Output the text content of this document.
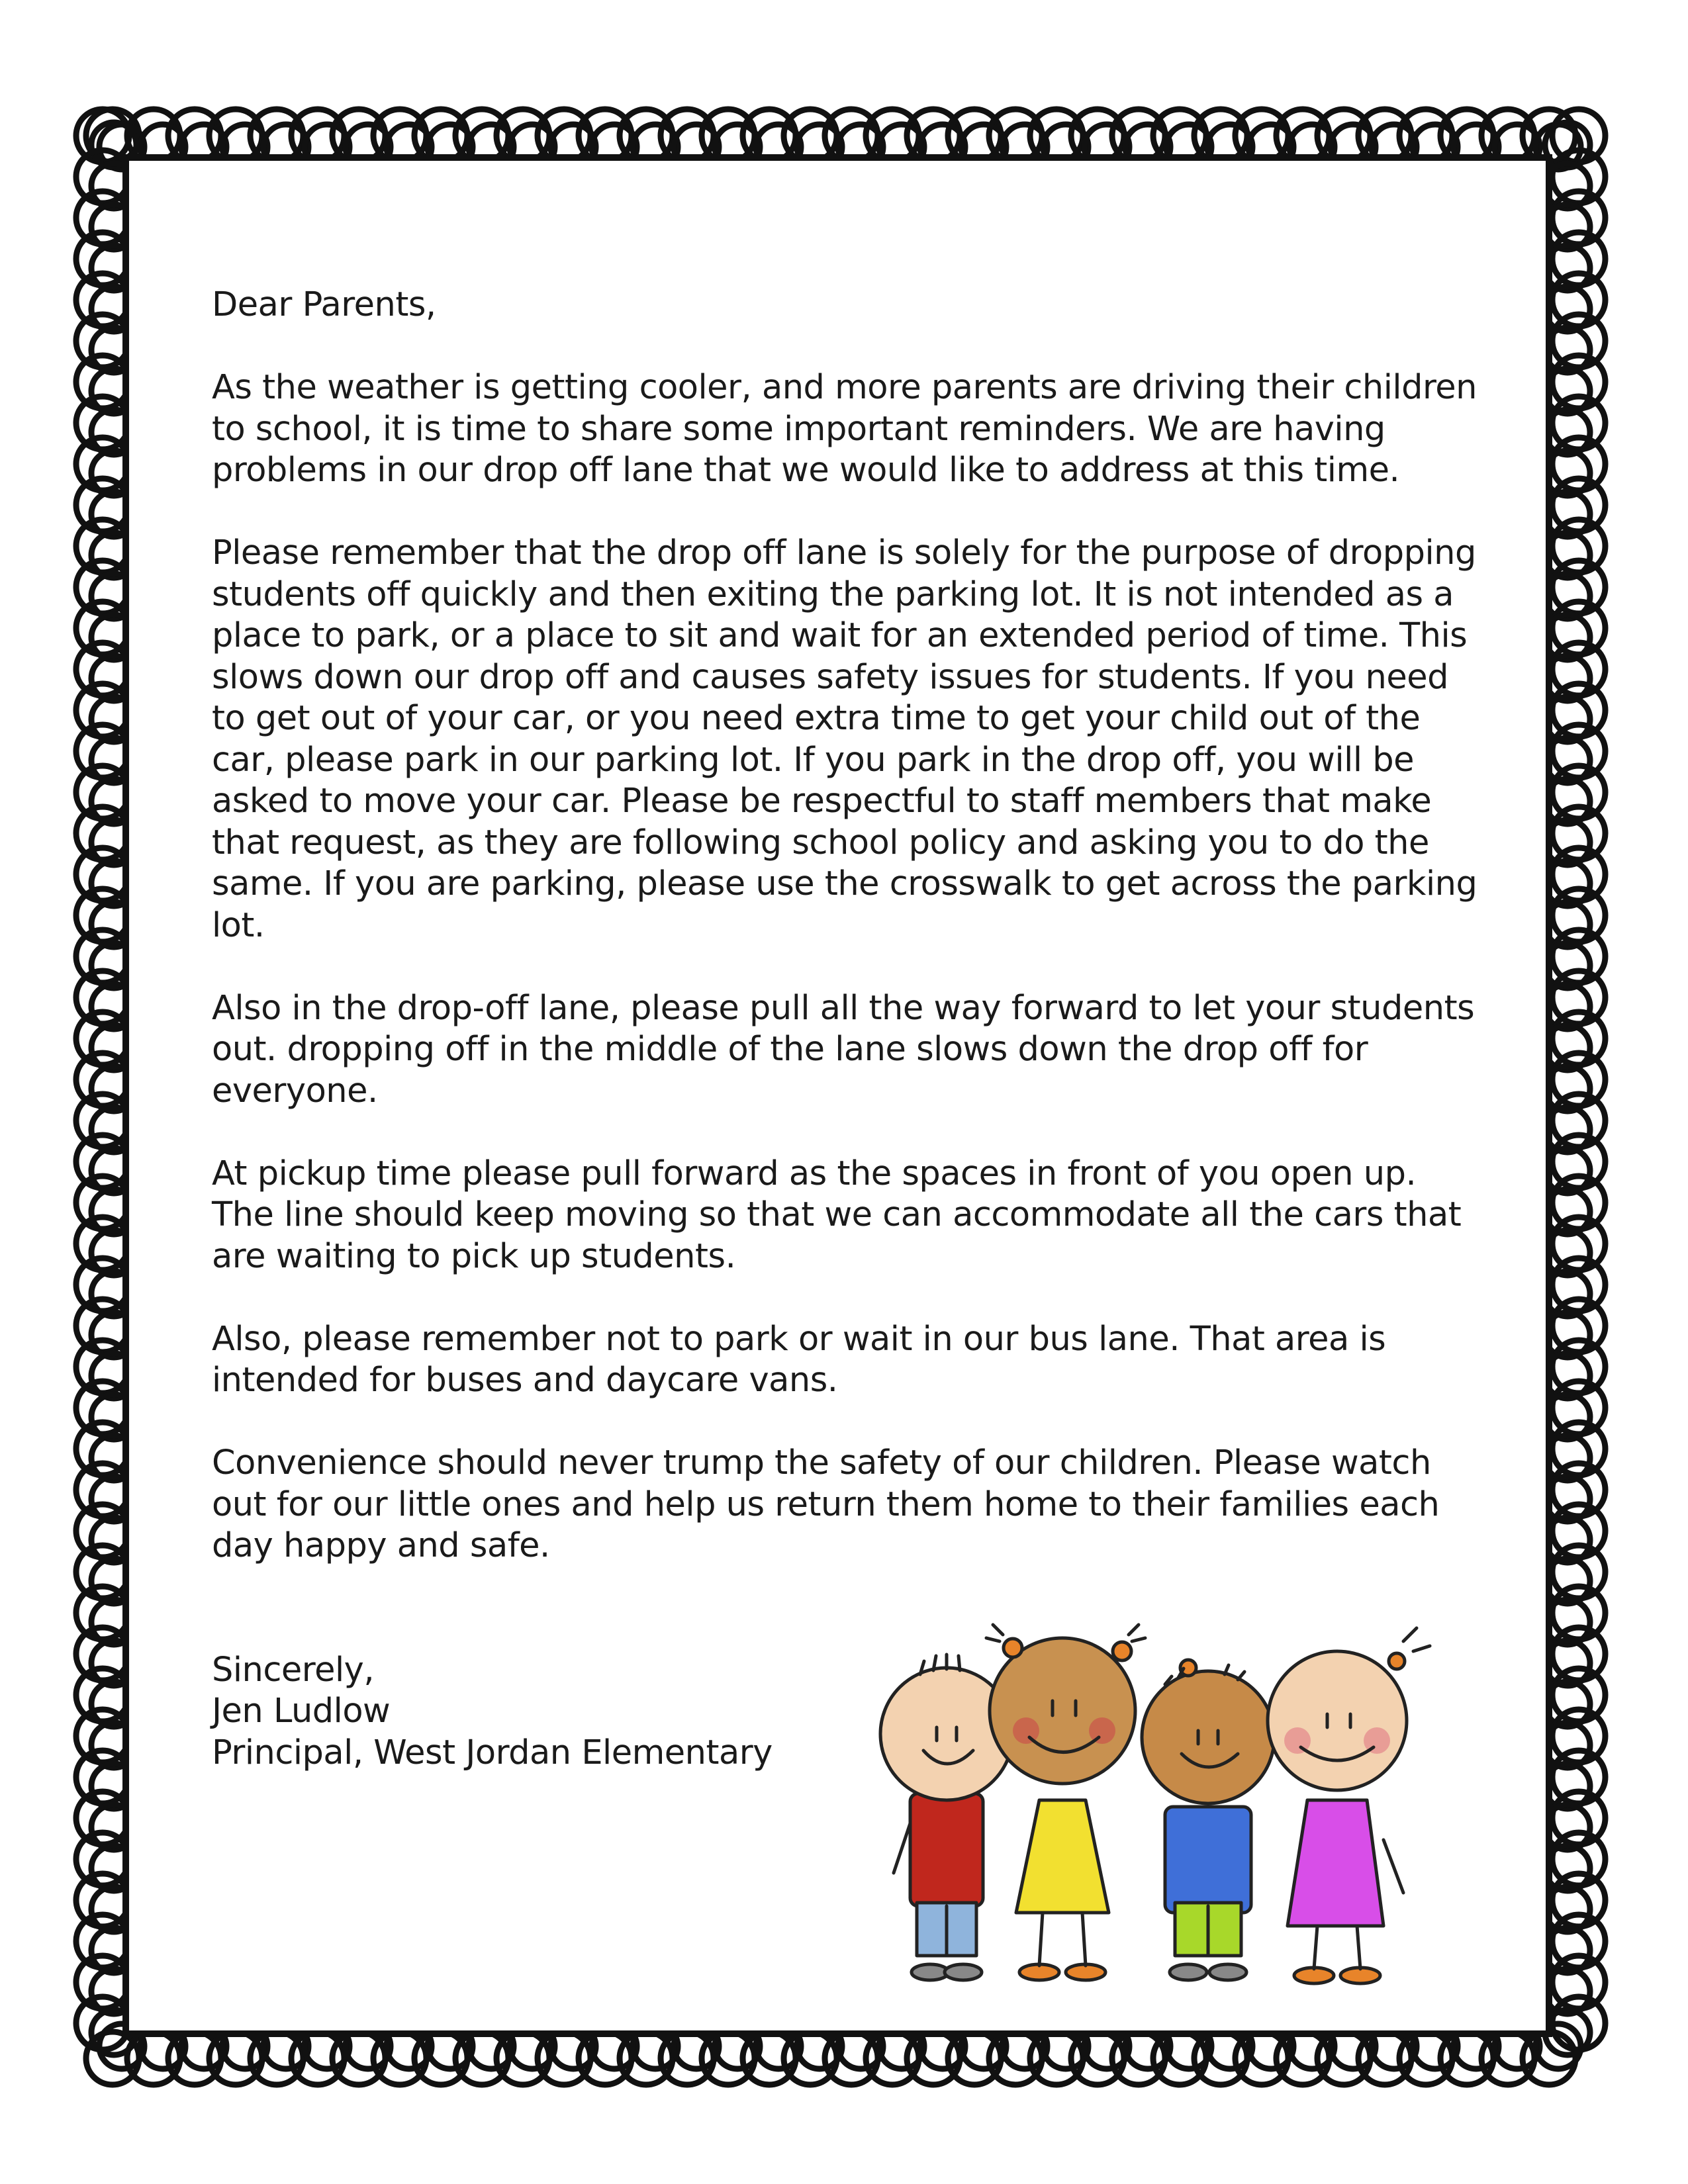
Dear Parents,

As the weather is getting cooler, and more parents are driving their children to school, it is time to share some important reminders. We are having problems in our drop off lane that we would like to address at this time.

Please remember that the drop off lane is solely for the purpose of dropping students off quickly and then exiting the parking lot. It is not intended as a place to park, or a place to sit and wait for an extended period of time. This slows down our drop off and causes safety issues for students. If you need to get out of your car, or you need extra time to get your child out of the car, please park in our parking lot. If you park in the drop off, you will be asked to move your car. Please be respectful to staff members that make that request, as they are following school policy and asking you to do the same. If you are parking, please use the crosswalk to get across the parking lot.

Also in the drop-off lane, please pull all the way forward to let your students out. dropping off in the middle of the lane slows down the drop off for everyone.

At pickup time please pull forward as the spaces in front of you open up. The line should keep moving so that we can accommodate all the cars that are waiting to pick up students.

Also, please remember not to park or wait in our bus lane. That area is intended for buses and daycare vans.

Convenience should never trump the safety of our children. Please watch out for our little ones and help us return them home to their families each day happy and safe.

Sincerely,
Jen Ludlow
Principal, West Jordan Elementary
